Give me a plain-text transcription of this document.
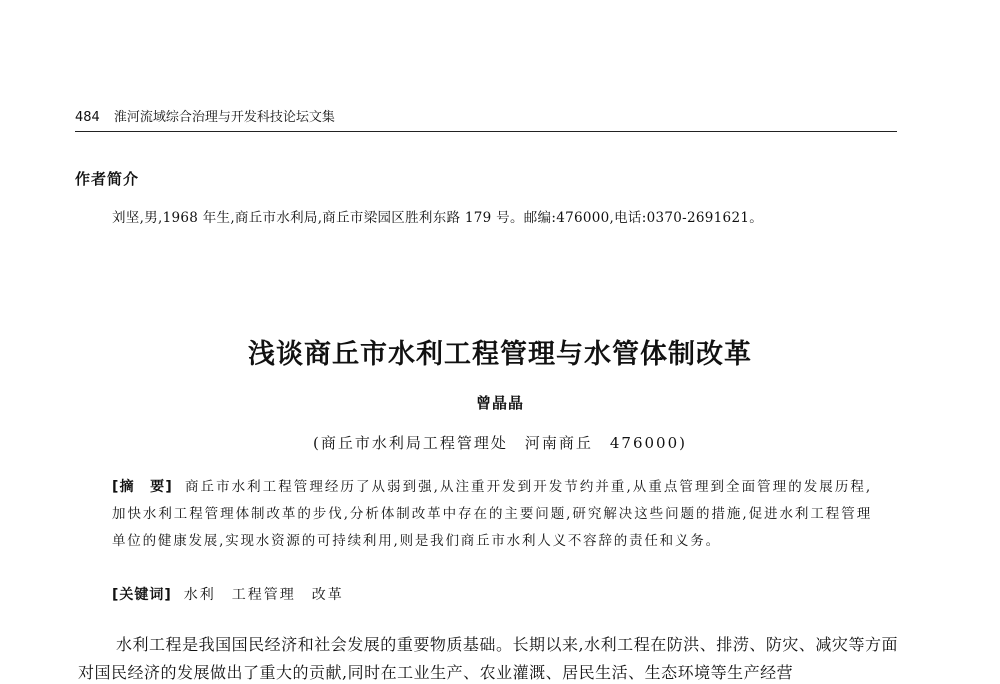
484 淮河流域综合治理与开发科技论坛文集
作者简介
刘坚,男,1968 年生,商丘市水利局,商丘市梁园区胜利东路 179 号。邮编:476000,电话:0370-2691621。
浅谈商丘市水利工程管理与水管体制改革
曾晶晶
(商丘市水利局工程管理处　河南商丘　476000)
[摘　要] 商丘市水利工程管理经历了从弱到强,从注重开发到开发节约并重,从重点管理到全面管理的发展历程,加快水利工程管理体制改革的步伐,分析体制改革中存在的主要问题,研究解决这些问题的措施,促进水利工程管理单位的健康发展,实现水资源的可持续利用,则是我们商丘市水利人义不容辞的责任和义务。
[关键词] 水利　工程管理　改革
水利工程是我国国民经济和社会发展的重要物质基础。长期以来,水利工程在防洪、排涝、防灾、减灾等方面对国民经济的发展做出了重大的贡献,同时在工业生产、农业灌溉、居民生活、生态环境等生产经营
